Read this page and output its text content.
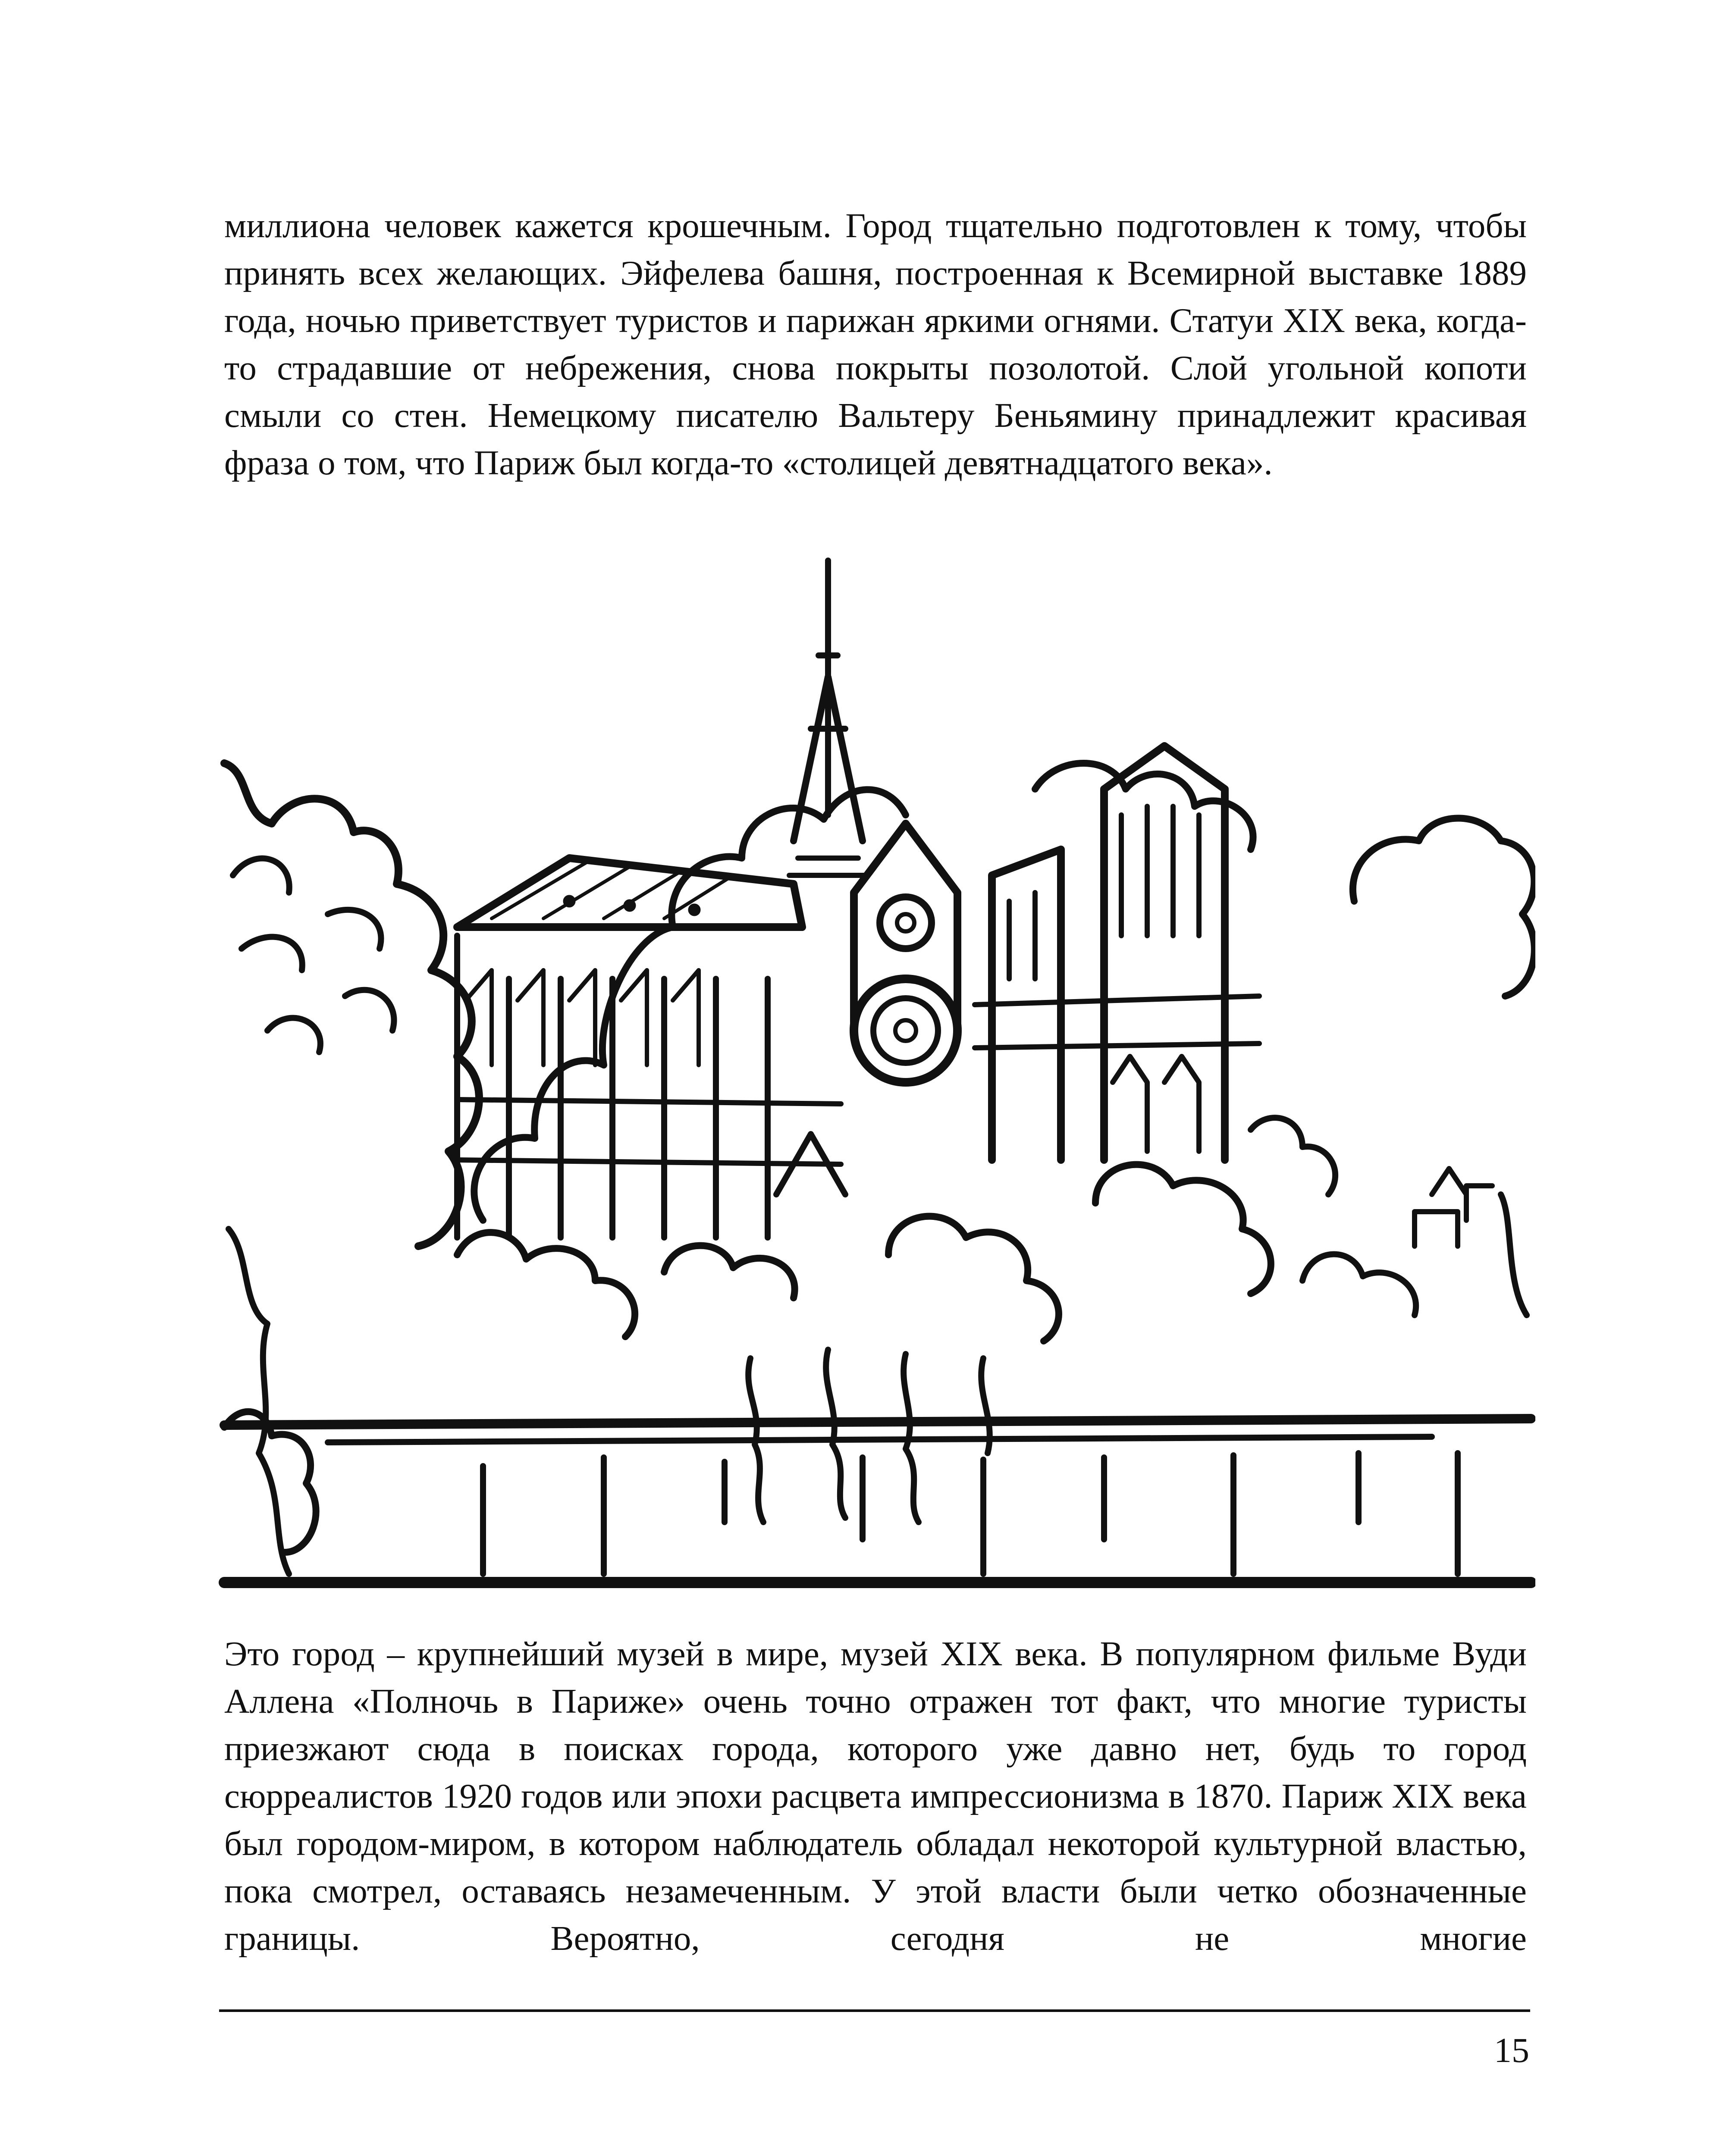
миллиона человек кажется крошечным. Город тщательно подготовлен к тому, чтобы принять всех желающих. Эйфелева башня, построенная к Всемирной выставке 1889 года, ночью приветствует туристов и парижан яркими огнями. Статуи XIX века, когда-то страдавшие от небрежения, снова покрыты позолотой. Слой угольной копоти смыли со стен. Немецкому писателю Вальтеру Беньямину принадлежит красивая фраза о том, что Париж был когда-то «столицей девятнадцатого века».

Это город – крупнейший музей в мире, музей XIX века. В популярном фильме Вуди Аллена «Полночь в Париже» очень точно отражен тот факт, что многие туристы приезжают сюда в поисках города, которого уже давно нет, будь то город сюрреалистов 1920 годов или эпохи расцвета импрессионизма в 1870. Париж XIX века был городом-миром, в котором наблюдатель обладал некоторой культурной властью, пока смотрел, оставаясь незамеченным. У этой власти были четко обозначенные границы. Вероятно, сегодня не многие

15
